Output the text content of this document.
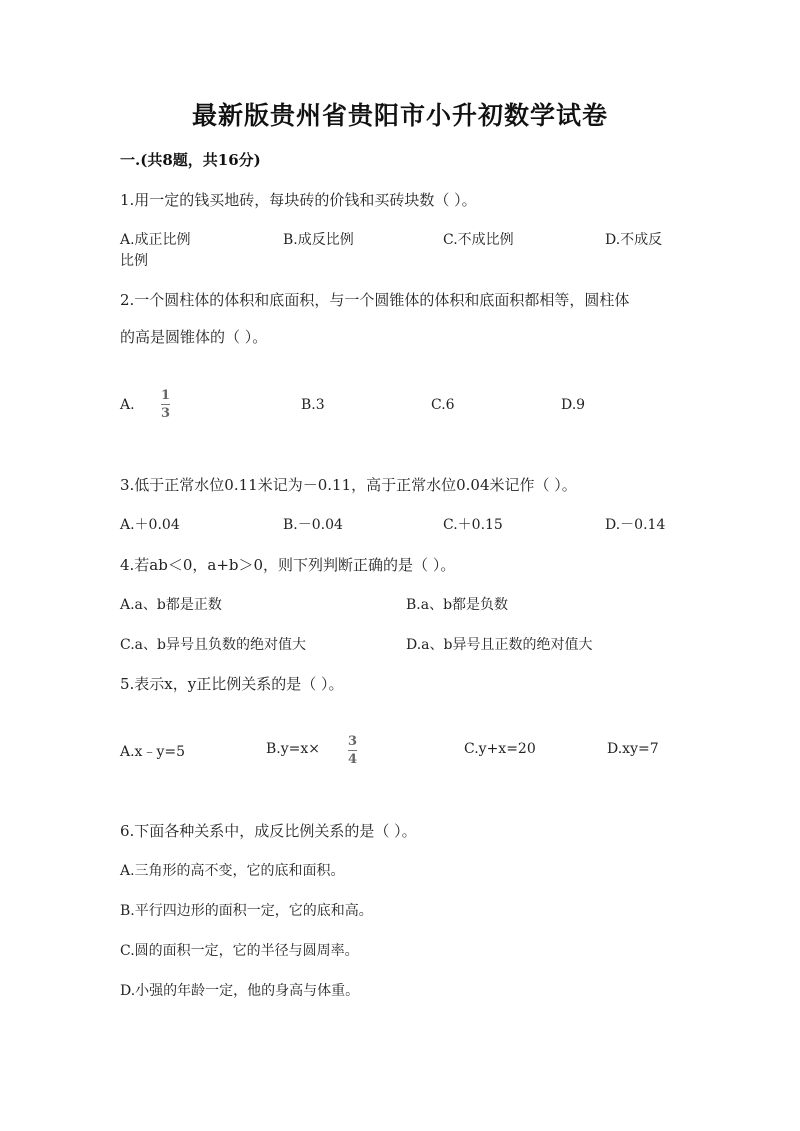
最新版贵州省贵阳市小升初数学试卷
一.(共8题，共16分)
1.用一定的钱买地砖，每块砖的价钱和买砖块数（ ）。
A.成正比例	B.成反比例	C.不成比例	D.不成反
比例
2.一个圆柱体的体积和底面积，与一个圆锥体的体积和底面积都相等，圆柱体
的高是圆锥体的（ ）。
A.
1
3
B.3	C.6	D.9
3.低于正常水位0.11米记为－0.11，高于正常水位0.04米记作（ ）。
A.＋0.04	B.－0.04	C.＋0.15	D.－0.14
4.若ab＜0，a+b＞0，则下列判断正确的是（ ）。
A.a、b都是正数	B.a、b都是负数
C.a、b异号且负数的绝对值大	D.a、b异号且正数的绝对值大
5.表示x，y正比例关系的是（ ）。
A.x﹣y=5	B.y=x× 3
4
C.y+x=20	D.xy=7
6.下面各种关系中，成反比例关系的是（ ）。
A.三角形的高不变，它的底和面积。
B.平行四边形的面积一定，它的底和高。
C.圆的面积一定，它的半径与圆周率。
D.小强的年龄一定，他的身高与体重。
